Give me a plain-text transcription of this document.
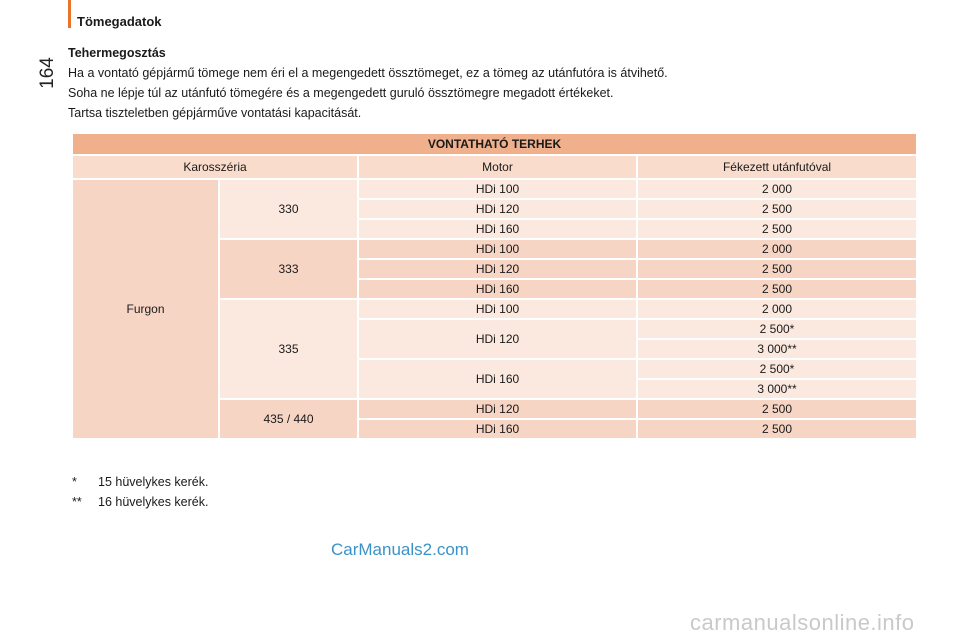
Tömegadatok
164

Tehermegosztás

Ha a vontató gépjármű tömege nem éri el a megengedett össztömeget, ez a tömeg az utánfutóra is átvihető.

Soha ne lépje túl az utánfutó tömegére és a megengedett guruló össztömegre megadott értékeket.

Tartsa tiszteletben gépjárműve vontatási kapacitását.

VONTATHATÓ TERHEK			
Karosszéria		Motor	Fékezett utánfutóval
Furgon	330	HDi 100	2 000
		HDi 120	2 500
		HDi 160	2 500
	333	HDi 100	2 000
		HDi 120	2 500
		HDi 160	2 500
	335	HDi 100	2 000
		HDi 120	2 500*
			3 000**
		HDi 160	2 500*
			3 000**
	435 / 440	HDi 120	2 500
		HDi 160	2 500
*	15 hüvelykes kerék.
**	16 hüvelykes kerék.
CarManuals2.com
carmanualsonline.info
